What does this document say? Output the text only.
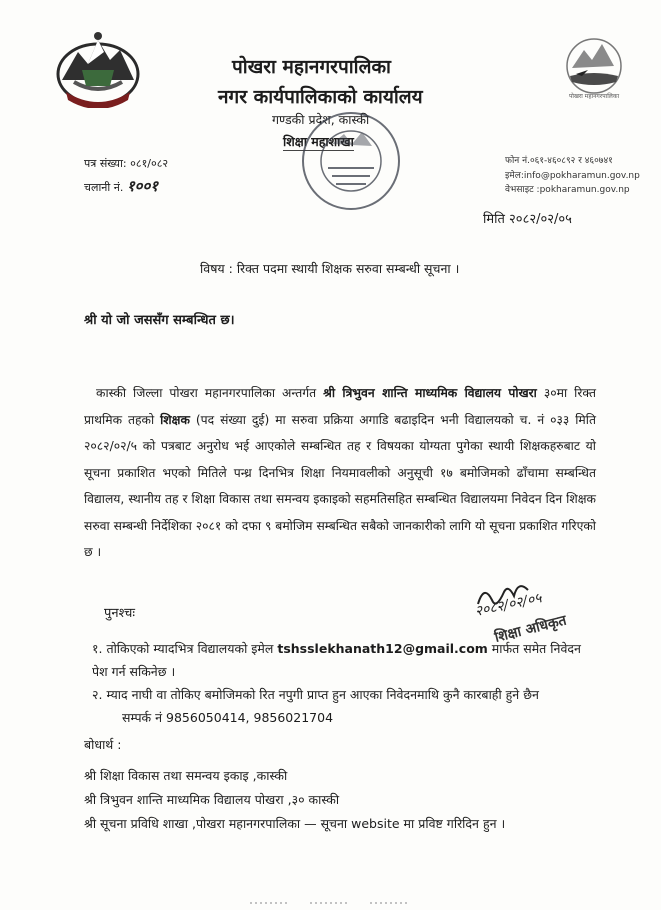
पोखरा महानगरपालिका
पोखरा महानगरपालिका
नगर कार्यपालिकाको कार्यालय
गण्डकी प्रदेश, कास्की
शिक्षा महाशाखा
पत्र संख्या: ०८१/०८२
चलानी नं. १००१
फोन नं.०६१-४६०८९२ र ४६०७४१
इमेल:info@pokharamun.gov.np
वेभसाइट :pokharamun.gov.np
मिति २०८२/०२/०५
विषय : रिक्त पदमा स्थायी शिक्षक सरुवा सम्बन्धी सूचना ।
श्री यो जो जससँग सम्बन्धित छ।
कास्की जिल्ला पोखरा महानगरपालिका अन्तर्गत श्री त्रिभुवन शान्ति माध्यमिक विद्यालय पोखरा ३०मा रिक्त प्राथमिक तहको शिक्षक (पद संख्या दुई) मा सरुवा प्रक्रिया अगाडि बढाइदिन भनी विद्यालयको च. नं ०३३ मिति २०८२/०२/५ को पत्रबाट अनुरोध भई आएकोले सम्बन्धित तह र विषयका योग्यता पुगेका स्थायी शिक्षकहरुबाट यो सूचना प्रकाशित भएको मितिले पन्ध्र दिनभित्र शिक्षा नियमावलीको अनुसूची १७ बमोजिमको ढाँचामा सम्बन्धित विद्यालय, स्थानीय तह र शिक्षा विकास तथा समन्वय इकाइको सहमतिसहित सम्बन्धित विद्यालयमा निवेदन दिन शिक्षक सरुवा सम्बन्धी निर्देशिका २०८१ को दफा ९ बमोजिम सम्बन्धित सबैको जानकारीको लागि यो सूचना प्रकाशित गरिएको छ ।
२०८२/०२/०५
शिक्षा अधिकृत
पुनश्चः
१. तोकिएको म्यादभित्र विद्यालयको इमेल tshsslekhanath12@gmail.com मार्फत समेत निवेदन
पेश गर्न सकिनेछ ।
२. म्याद नाघी वा तोकिए बमोजिमको रित नपुगी प्राप्त हुन आएका निवेदनमाथि कुनै कारबाही हुने छैन
सम्पर्क नं 9856050414, 9856021704
बोधार्थ :
श्री शिक्षा विकास तथा समन्वय इकाइ ,कास्की
श्री त्रिभुवन शान्ति माध्यमिक विद्यालय पोखरा ,३० कास्की
श्री सूचना प्रविधि शाखा ,पोखरा महानगरपालिका — सूचना website मा प्रविष्ट गरिदिन हुन ।
